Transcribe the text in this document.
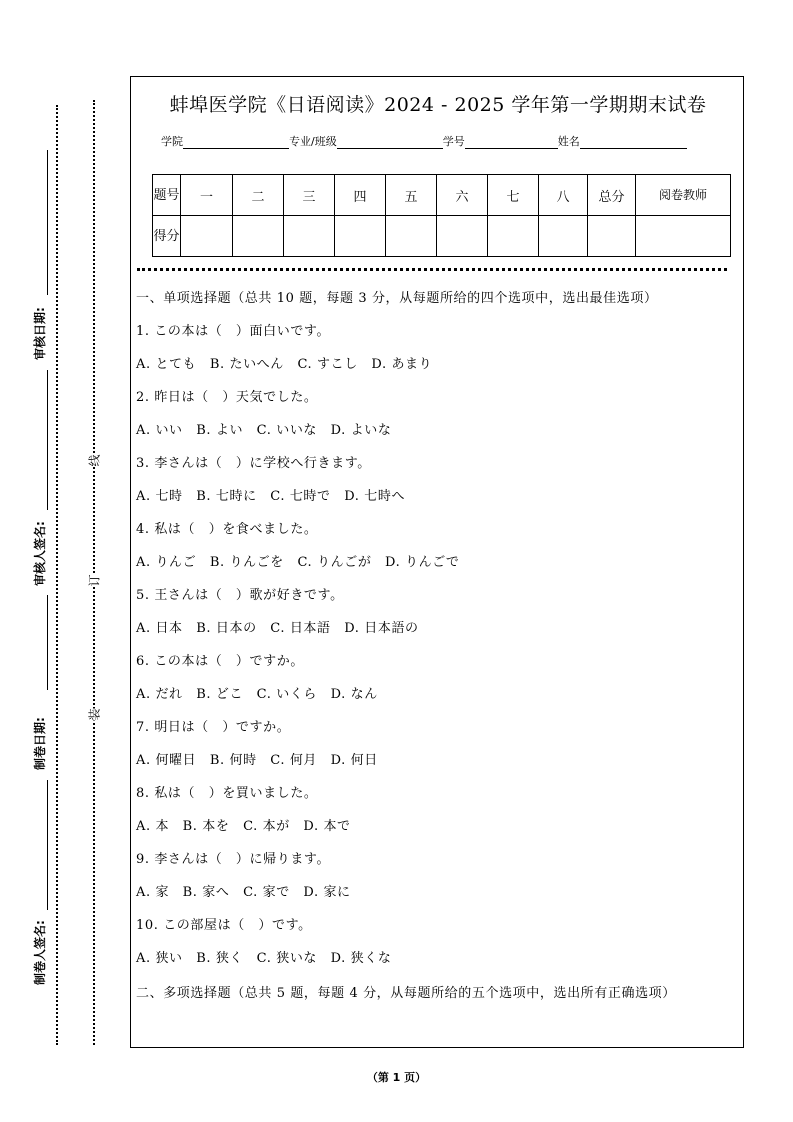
审核日期:
审核人签名:
制卷日期:
制卷人签名:
线
订
装
蚌埠医学院《日语阅读》2024 - 2025 学年第一学期期末试卷
学院	专业/班级	学号	姓名
题号	一	二	三	四	五	六	七	八	总分	阅卷教师
得分										
一、单项选择题（总共 10 题，每题 3 分，从每题所给的四个选项中，选出最佳选项）
1. この本は（　）面白いです。
A. とても　B. たいへん　C. すこし　D. あまり
2. 昨日は（　）天気でした。
A. いい　B. よい　C. いいな　D. よいな
3. 李さんは（　）に学校へ行きます。
A. 七時　B. 七時に　C. 七時で　D. 七時へ
4. 私は（　）を食べました。
A. りんご　B. りんごを　C. りんごが　D. りんごで
5. 王さんは（　）歌が好きです。
A. 日本　B. 日本の　C. 日本語　D. 日本語の
6. この本は（　）ですか。
A. だれ　B. どこ　C. いくら　D. なん
7. 明日は（　）ですか。
A. 何曜日　B. 何時　C. 何月　D. 何日
8. 私は（　）を買いました。
A. 本　B. 本を　C. 本が　D. 本で
9. 李さんは（　）に帰ります。
A. 家　B. 家へ　C. 家で　D. 家に
10. この部屋は（　）です。
A. 狭い　B. 狭く　C. 狭いな　D. 狭くな
二、多项选择题（总共 5 题，每题 4 分，从每题所给的五个选项中，选出所有正确选项）
（第 1 页）
